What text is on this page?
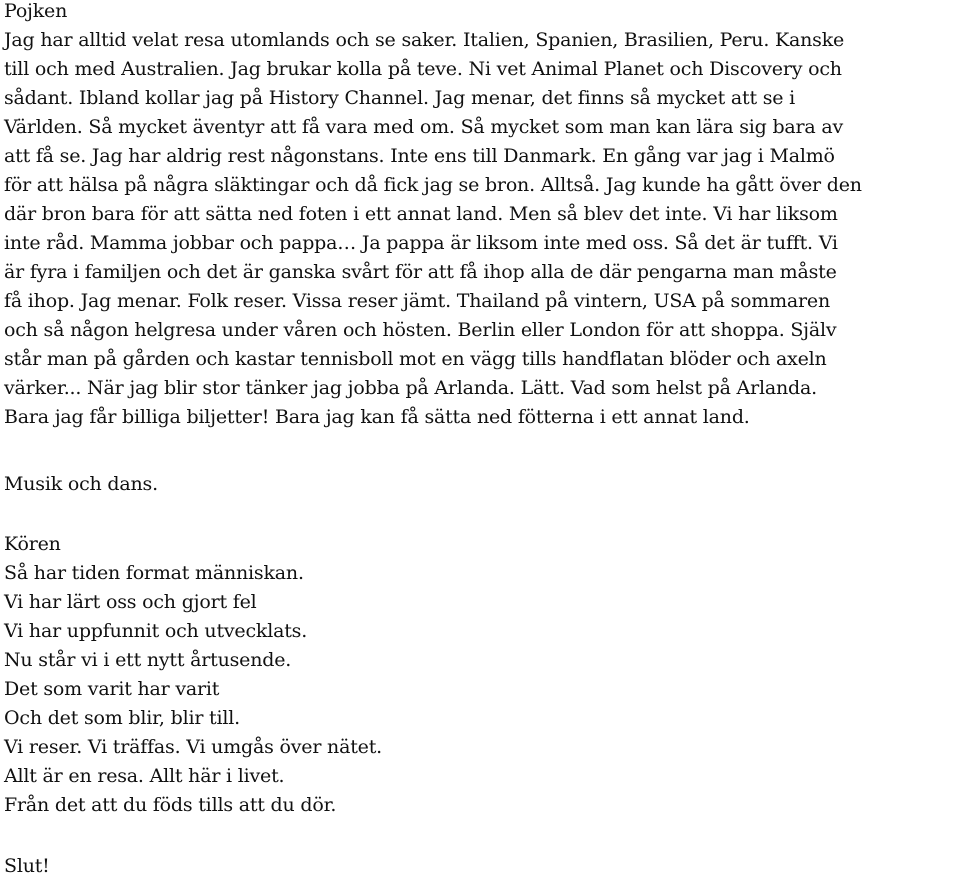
Pojken
Jag har alltid velat resa utomlands och se saker. Italien, Spanien, Brasilien, Peru. Kanske
till och med Australien. Jag brukar kolla på teve. Ni vet Animal Planet och Discovery och
sådant. Ibland kollar jag på History Channel. Jag menar, det finns så mycket att se i
Världen. Så mycket äventyr att få vara med om. Så mycket som man kan lära sig bara av
att få se. Jag har aldrig rest någonstans. Inte ens till Danmark. En gång var jag i Malmö
för att hälsa på några släktingar och då fick jag se bron. Alltså. Jag kunde ha gått över den
där bron bara för att sätta ned foten i ett annat land. Men så blev det inte. Vi har liksom
inte råd. Mamma jobbar och pappa… Ja pappa är liksom inte med oss. Så det är tufft. Vi
är fyra i familjen och det är ganska svårt för att få ihop alla de där pengarna man måste
få ihop. Jag menar. Folk reser. Vissa reser jämt. Thailand på vintern, USA på sommaren
och så någon helgresa under våren och hösten. Berlin eller London för att shoppa. Själv
står man på gården och kastar tennisboll mot en vägg tills handflatan blöder och axeln
värker... När jag blir stor tänker jag jobba på Arlanda. Lätt. Vad som helst på Arlanda.
Bara jag får billiga biljetter! Bara jag kan få sätta ned fötterna i ett annat land.
Musik och dans.
Kören
Så har tiden format människan.
Vi har lärt oss och gjort fel
Vi har uppfunnit och utvecklats.
Nu står vi i ett nytt årtusende.
Det som varit har varit
Och det som blir, blir till.
Vi reser. Vi träffas. Vi umgås över nätet.
Allt är en resa. Allt här i livet.
Från det att du föds tills att du dör.
Slut!
